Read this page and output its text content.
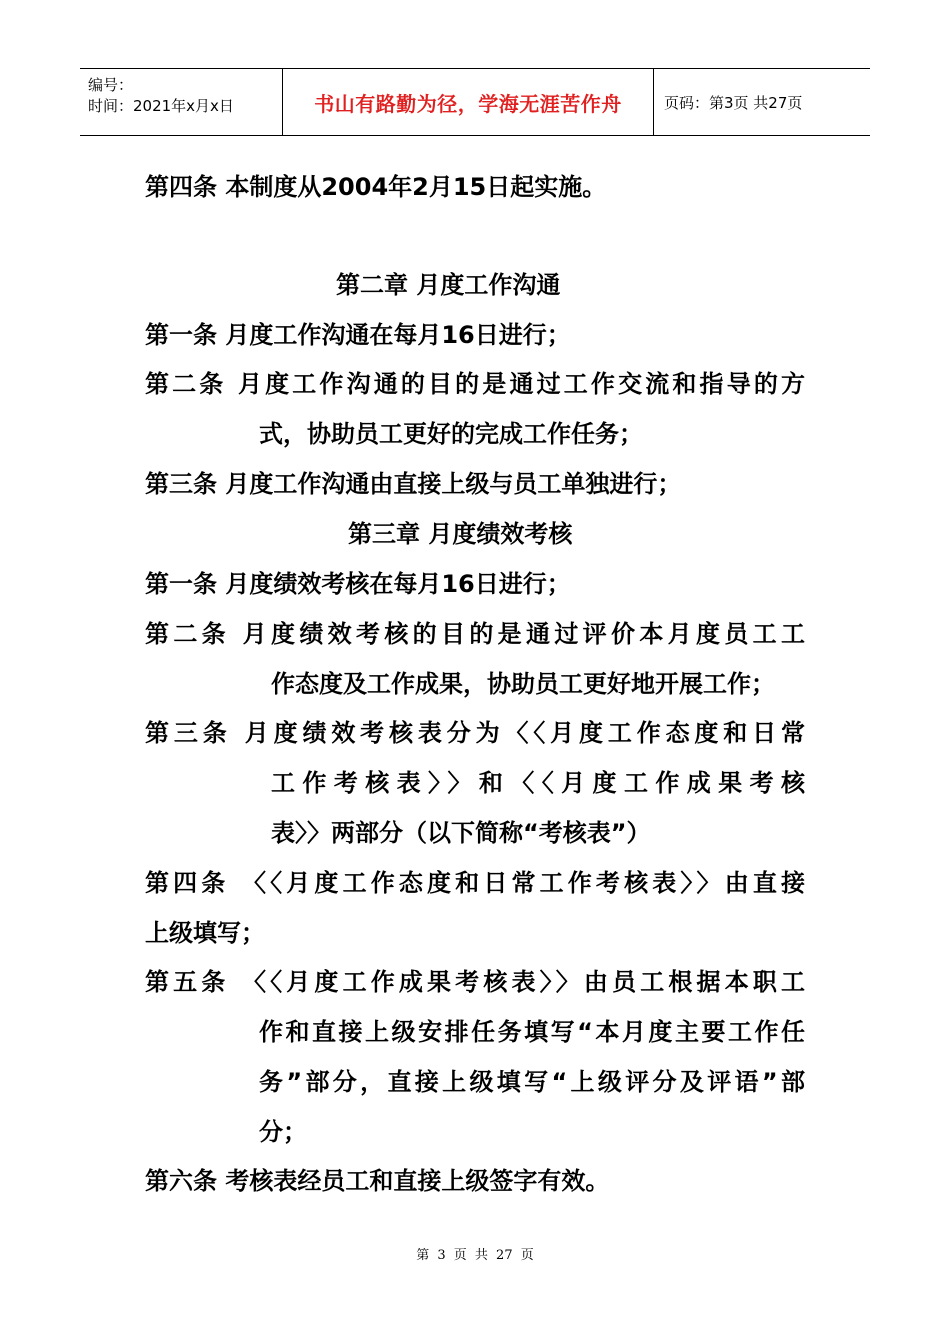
编号：
时间：2021年x月x日	书山有路勤为径，学海无涯苦作舟	页码：第3页 共27页
第四条 本制度从2004年2月15日起实施。
第二章 月度工作沟通
第一条 月度工作沟通在每月16日进行；
第二条 月度工作沟通的目的是通过工作交流和指导的方
式，协助员工更好的完成工作任务；
第三条 月度工作沟通由直接上级与员工单独进行；
第三章 月度绩效考核
第一条 月度绩效考核在每月16日进行；
第二条 月度绩效考核的目的是通过评价本月度员工工
作态度及工作成果，协助员工更好地开展工作；
第三条 月度绩效考核表分为〈〈月度工作态度和日常
工作考核表〉〉和〈〈月度工作成果考核
表〉〉两部分（以下简称“考核表”）
第四条 〈〈月度工作态度和日常工作考核表〉〉由直接
上级填写；
第五条 〈〈月度工作成果考核表〉〉由员工根据本职工
作和直接上级安排任务填写“本月度主要工作任
务”部分，直接上级填写“上级评分及评语”部
分；
第六条 考核表经员工和直接上级签字有效。
第 3 页 共 27 页
